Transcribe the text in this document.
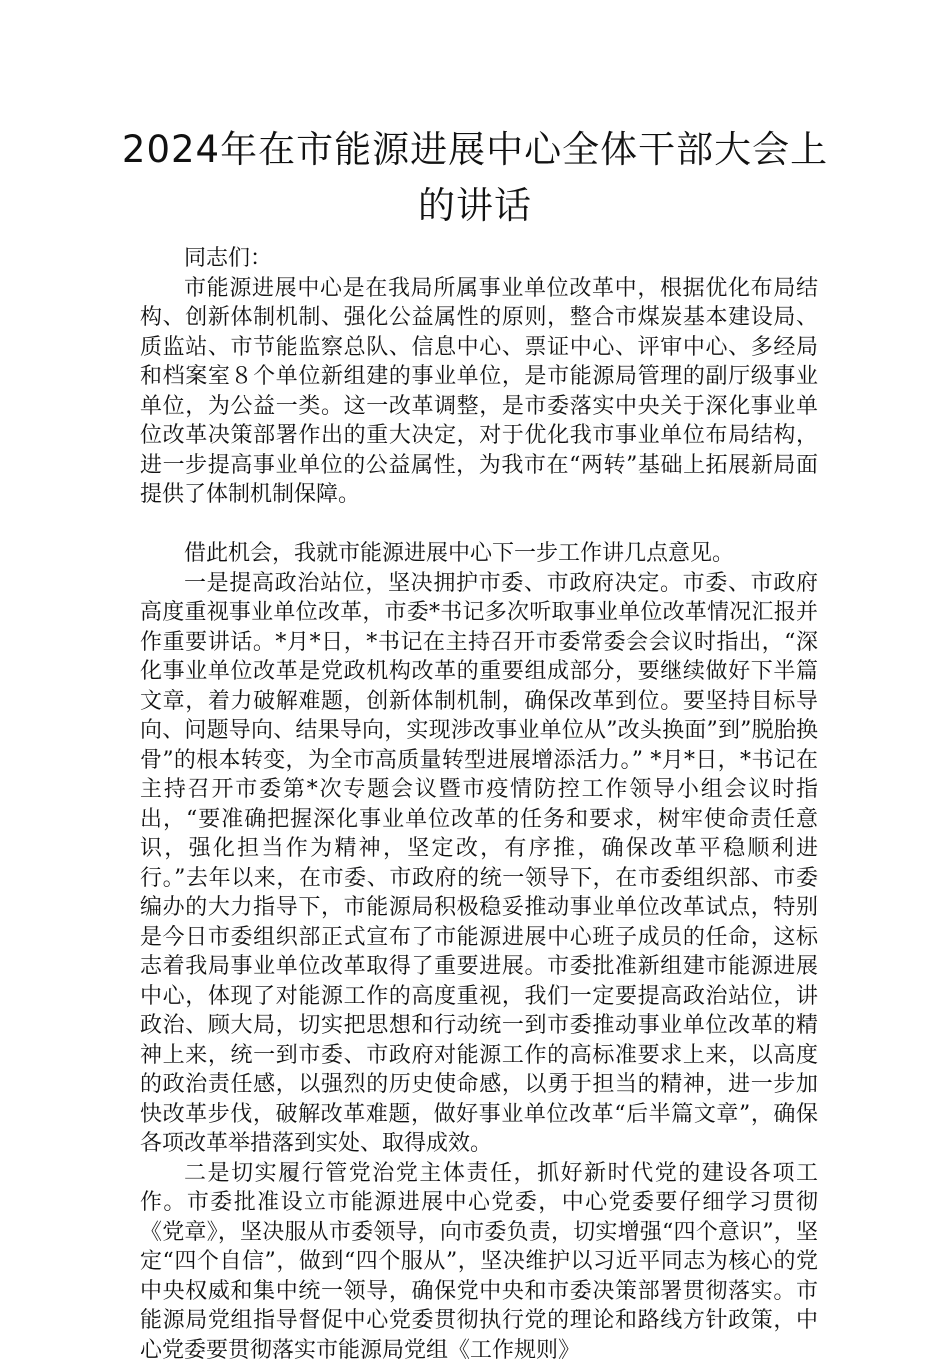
2024年在市能源进展中心全体干部大会上的讲话

同志们：

市能源进展中心是在我局所属事业单位改革中，根据优化布局结构、创新体制机制、强化公益属性的原则，整合市煤炭基本建设局、质监站、市节能监察总队、信息中心、票证中心、评审中心、多经局和档案室８个单位新组建的事业单位，是市能源局管理的副厅级事业单位，为公益一类。这一改革调整，是市委落实中央关于深化事业单位改革决策部署作出的重大决定，对于优化我市事业单位布局结构，进一步提高事业单位的公益属性，为我市在“两转”基础上拓展新局面提供了体制机制保障。

借此机会，我就市能源进展中心下一步工作讲几点意见。

一是提高政治站位，坚决拥护市委、市政府决定。市委、市政府高度重视事业单位改革，市委*书记多次听取事业单位改革情况汇报并作重要讲话。*月*日，*书记在主持召开市委常委会会议时指出，“深化事业单位改革是党政机构改革的重要组成部分，要继续做好下半篇文章，着力破解难题，创新体制机制，确保改革到位。要坚持目标导向、问题导向、结果导向，实现涉改事业单位从”改头换面”到”脱胎换骨”的根本转变，为全市高质量转型进展增添活力。” *月*日，*书记在主持召开市委第*次专题会议暨市疫情防控工作领导小组会议时指出，“要准确把握深化事业单位改革的任务和要求，树牢使命责任意识，强化担当作为精神，坚定改，有序推，确保改革平稳顺利进行。”去年以来，在市委、市政府的统一领导下，在市委组织部、市委编办的大力指导下，市能源局积极稳妥推动事业单位改革试点，特别是今日市委组织部正式宣布了市能源进展中心班子成员的任命，这标志着我局事业单位改革取得了重要进展。市委批准新组建市能源进展中心，体现了对能源工作的高度重视，我们一定要提高政治站位，讲政治、顾大局，切实把思想和行动统一到市委推动事业单位改革的精神上来，统一到市委、市政府对能源工作的高标准要求上来，以高度的政治责任感，以强烈的历史使命感，以勇于担当的精神，进一步加快改革步伐，破解改革难题，做好事业单位改革“后半篇文章”，确保各项改革举措落到实处、取得成效。

二是切实履行管党治党主体责任，抓好新时代党的建设各项工作。市委批准设立市能源进展中心党委，中心党委要仔细学习贯彻《党章》，坚决服从市委领导，向市委负责，切实增强“四个意识”，坚定“四个自信”，做到“四个服从”，坚决维护以习近平同志为核心的党中央权威和集中统一领导，确保党中央和市委决策部署贯彻落实。市能源局党组指导督促中心党委贯彻执行党的理论和路线方针政策，中心党委要贯彻落实市能源局党组《工作规则》
